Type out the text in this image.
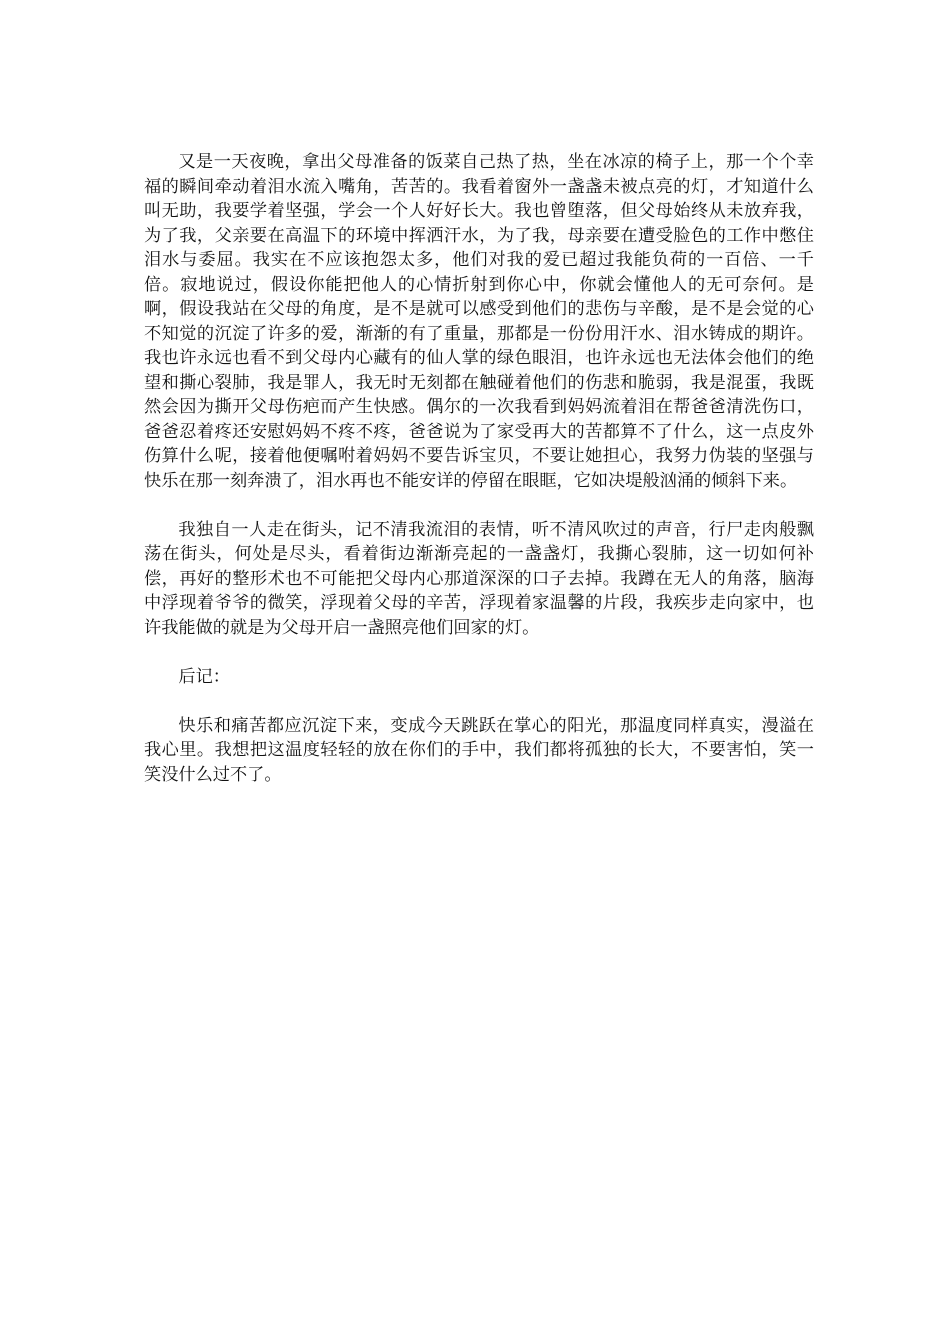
又是一天夜晚，拿出父母准备的饭菜自己热了热，坐在冰凉的椅子上，那一个个幸福的瞬间牵动着泪水流入嘴角，苦苦的。我看着窗外一盏盏未被点亮的灯，才知道什么叫无助，我要学着坚强，学会一个人好好长大。我也曾堕落，但父母始终从未放弃我，为了我，父亲要在高温下的环境中挥洒汗水，为了我，母亲要在遭受脸色的工作中憋住泪水与委屈。我实在不应该抱怨太多，他们对我的爱已超过我能负荷的一百倍、一千倍。寂地说过，假设你能把他人的心情折射到你心中，你就会懂他人的无可奈何。是啊，假设我站在父母的角度，是不是就可以感受到他们的悲伤与辛酸，是不是会觉的心不知觉的沉淀了许多的爱，渐渐的有了重量，那都是一份份用汗水、泪水铸成的期许。我也许永远也看不到父母内心藏有的仙人掌的绿色眼泪，也许永远也无法体会他们的绝望和撕心裂肺，我是罪人，我无时无刻都在触碰着他们的伤悲和脆弱，我是混蛋，我既然会因为撕开父母伤疤而产生快感。偶尔的一次我看到妈妈流着泪在帮爸爸清洗伤口，爸爸忍着疼还安慰妈妈不疼不疼，爸爸说为了家受再大的苦都算不了什么，这一点皮外伤算什么呢，接着他便嘱咐着妈妈不要告诉宝贝，不要让她担心，我努力伪装的坚强与快乐在那一刻奔溃了，泪水再也不能安详的停留在眼眶，它如决堤般汹涌的倾斜下来。

我独自一人走在街头，记不清我流泪的表情，听不清风吹过的声音，行尸走肉般飘荡在街头，何处是尽头，看着街边渐渐亮起的一盏盏灯，我撕心裂肺，这一切如何补偿，再好的整形术也不可能把父母内心那道深深的口子去掉。我蹲在无人的角落，脑海中浮现着爷爷的微笑，浮现着父母的辛苦，浮现着家温馨的片段，我疾步走向家中，也许我能做的就是为父母开启一盏照亮他们回家的灯。

后记：

快乐和痛苦都应沉淀下来，变成今天跳跃在掌心的阳光，那温度同样真实，漫溢在我心里。我想把这温度轻轻的放在你们的手中，我们都将孤独的长大，不要害怕，笑一笑没什么过不了。
